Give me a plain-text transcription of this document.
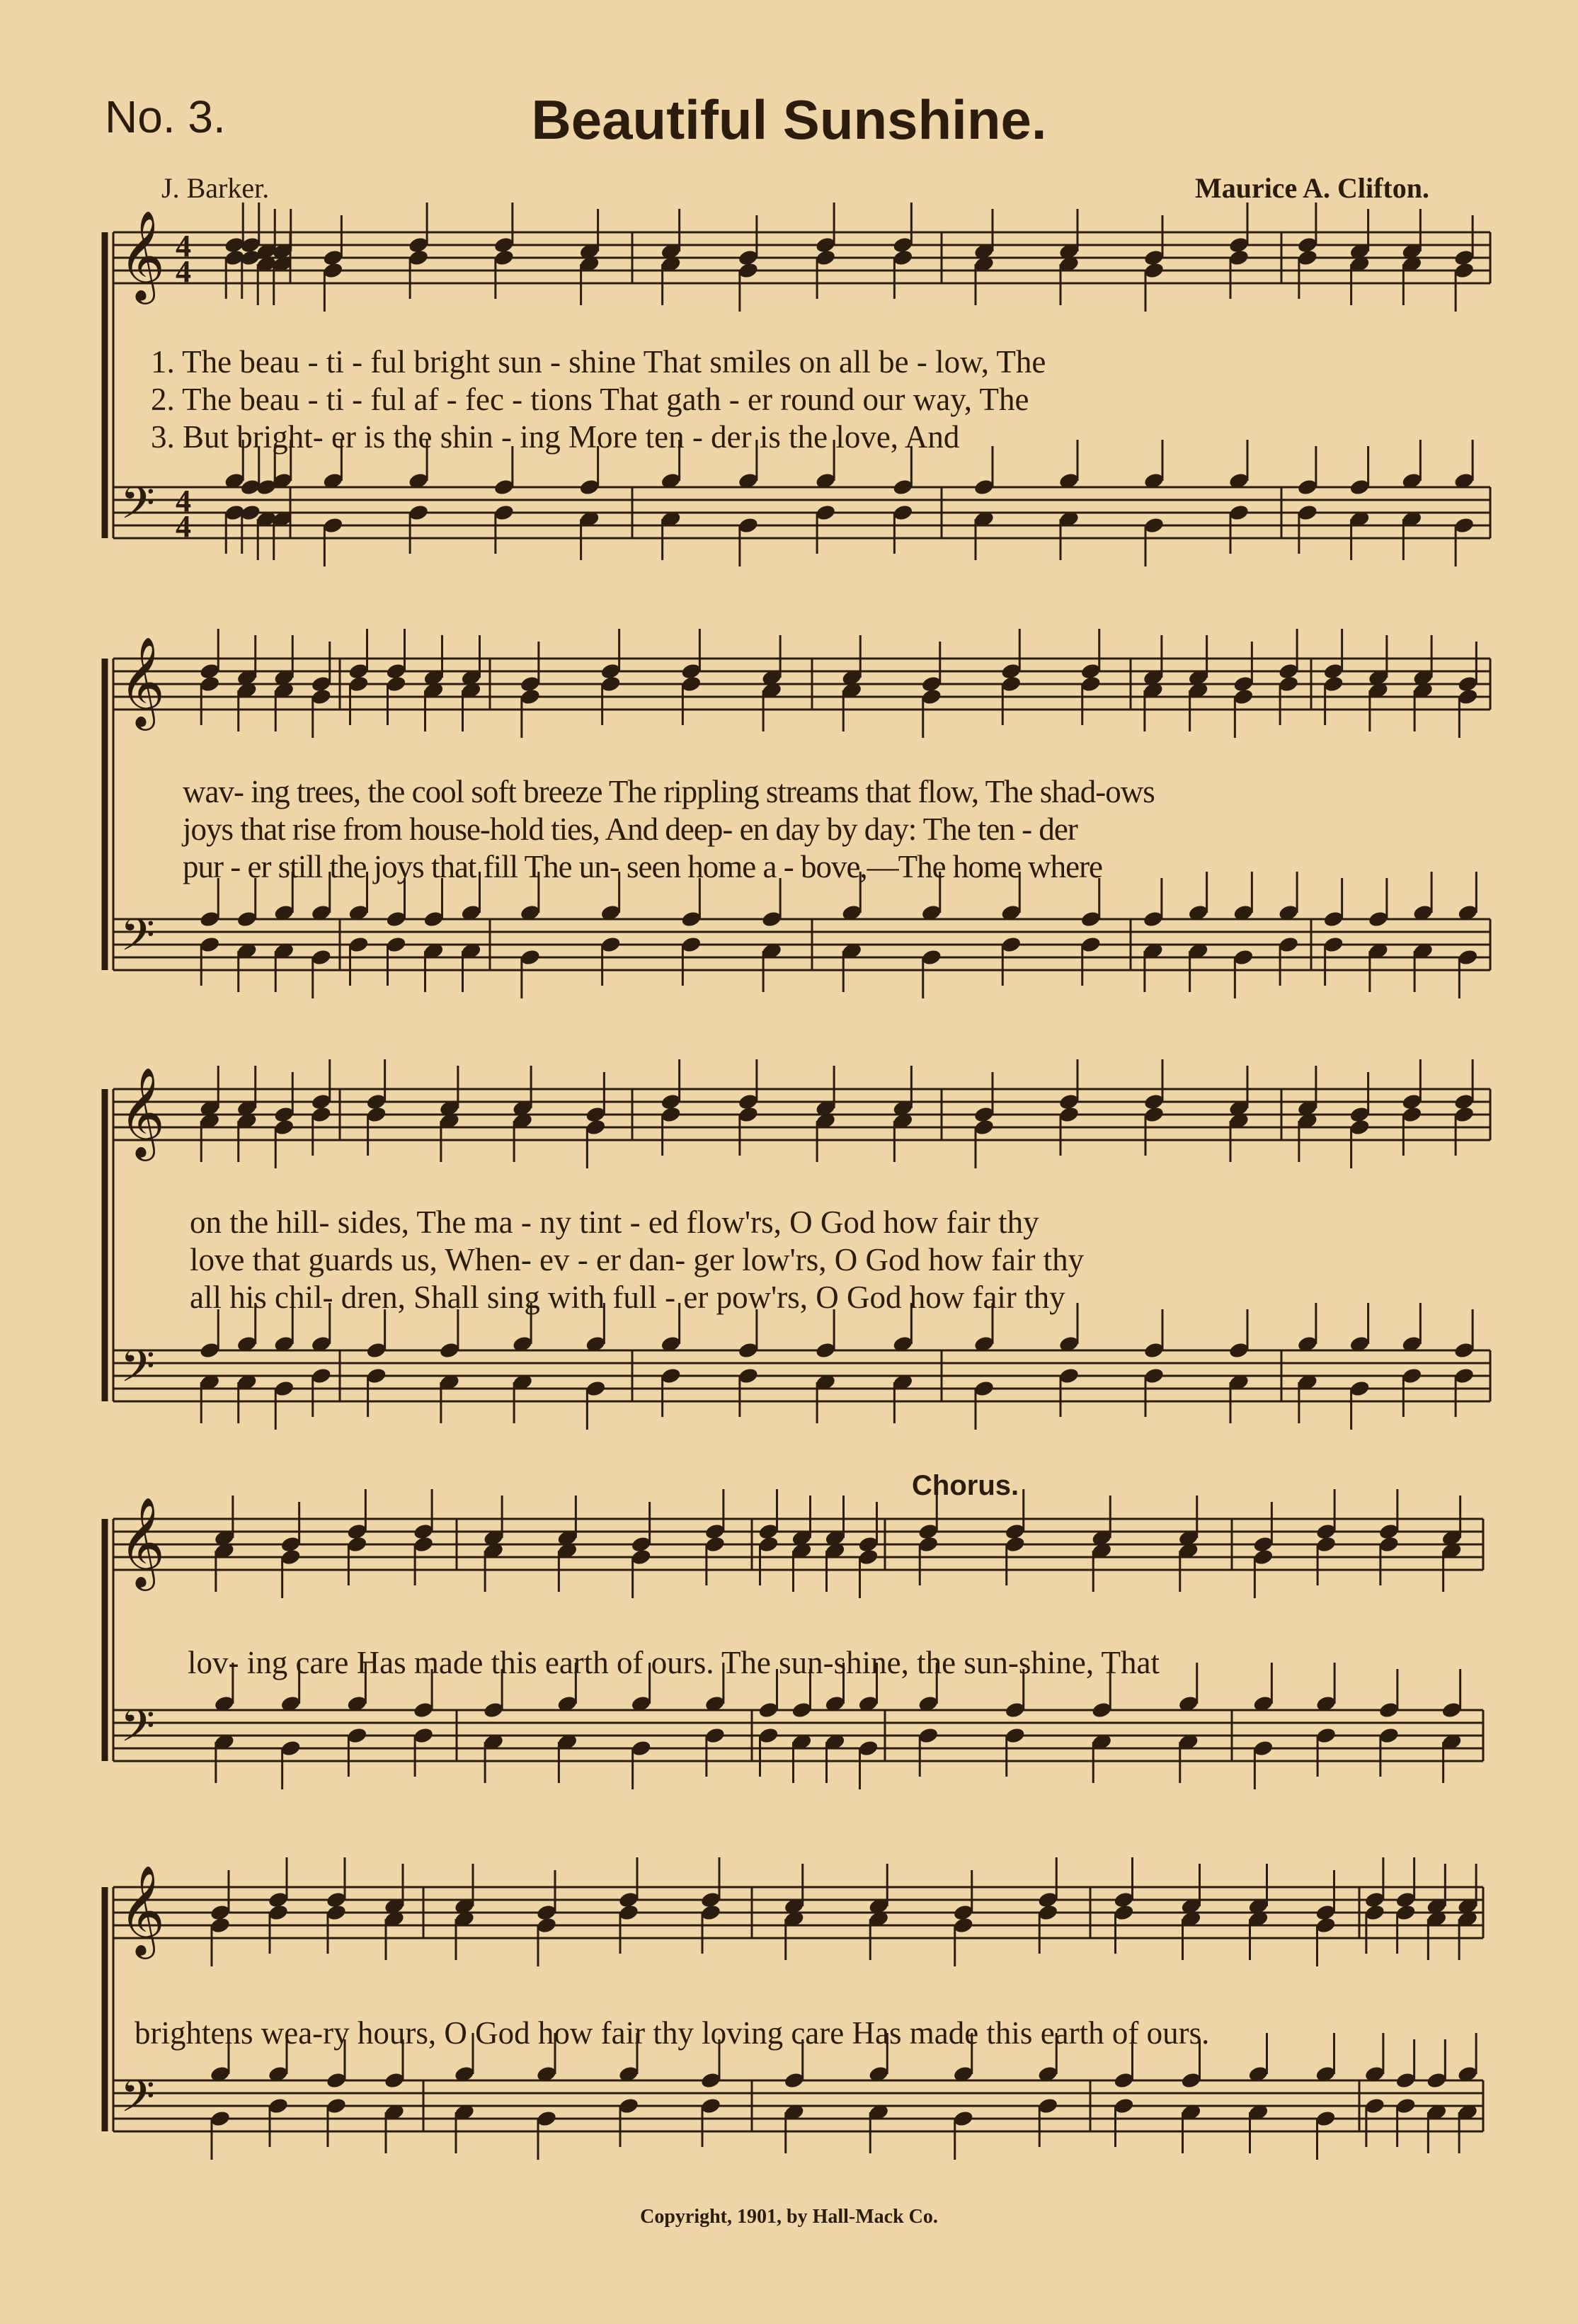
No. 3.	Beautiful Sunshine.
J. Barker.	Maurice A. Clifton.
𝄞
𝄢
4
4
4
4
𝄞
𝄢
𝄞
𝄢
𝄞
𝄢
𝄞
𝄢
1. The beau - ti - ful bright sun - shine That smiles on all be - low, The
2. The beau - ti - ful af - fec - tions That gath - er round our way, The
3. But bright- er is the shin - ing More ten - der is the love, And
wav- ing trees, the cool soft breeze The rippling streams that flow, The shad-ows
joys that rise from house-hold ties, And deep- en day by day: The ten - der
pur - er still the joys that fill The un- seen home a - bove,—The home where
on the hill- sides, The ma - ny tint - ed flow'rs, O God how fair thy
love that guards us, When- ev - er dan- ger low'rs, O God how fair thy
all his chil- dren, Shall sing with full - er pow'rs, O God how fair thy
Chorus.
lov- ing care Has made this earth of ours. The sun-shine, the sun-shine, That
brightens wea-ry hours, O God how fair thy loving care Has made this earth of ours.
Copyright, 1901, by Hall-Mack Co.
